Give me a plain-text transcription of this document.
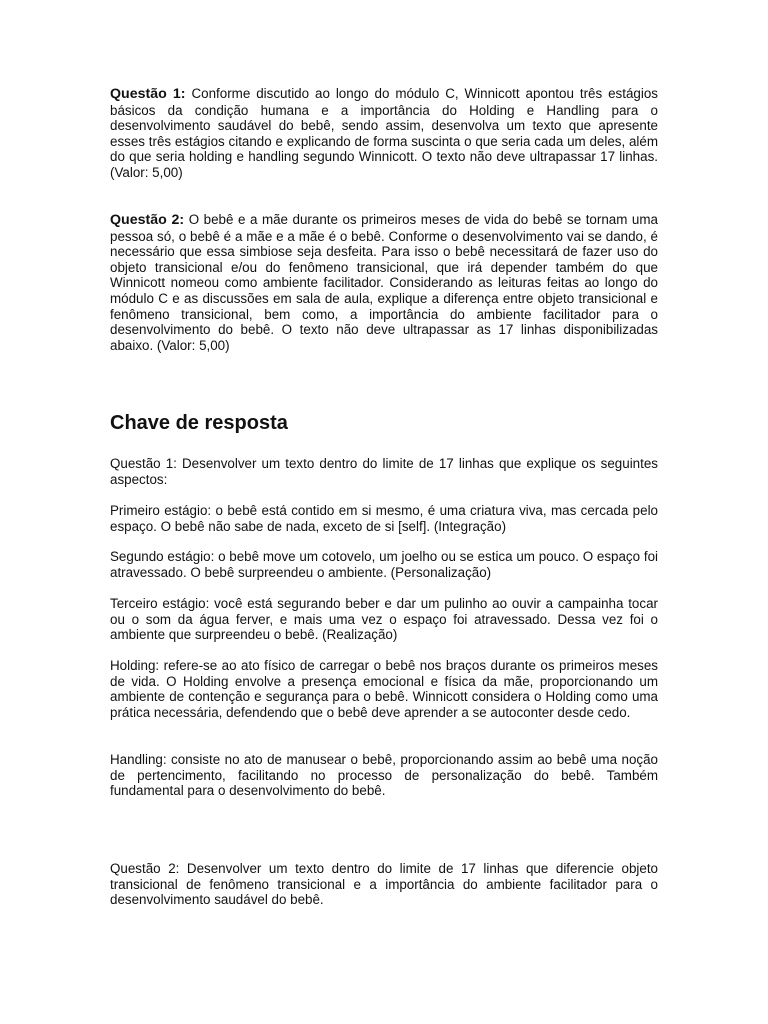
Questão 1: Conforme discutido ao longo do módulo C, Winnicott apontou três estágios básicos da condição humana e a importância do Holding e Handling para o desenvolvimento saudável do bebê, sendo assim, desenvolva um texto que apresente esses três estágios citando e explicando de forma suscinta o que seria cada um deles, além do que seria holding e handling segundo Winnicott. O texto não deve ultrapassar 17 linhas. (Valor: 5,00)

Questão 2: O bebê e a mãe durante os primeiros meses de vida do bebê se tornam uma pessoa só, o bebê é a mãe e a mãe é o bebê. Conforme o desenvolvimento vai se dando, é necessário que essa simbiose seja desfeita. Para isso o bebê necessitará de fazer uso do objeto transicional e/ou do fenômeno transicional, que irá depender também do que Winnicott nomeou como ambiente facilitador. Considerando as leituras feitas ao longo do módulo C e as discussões em sala de aula, explique a diferença entre objeto transicional e fenômeno transicional, bem como, a importância do ambiente facilitador para o desenvolvimento do bebê. O texto não deve ultrapassar as 17 linhas disponibilizadas abaixo. (Valor: 5,00)

Chave de resposta

Questão 1: Desenvolver um texto dentro do limite de 17 linhas que explique os seguintes aspectos:

Primeiro estágio: o bebê está contido em si mesmo, é uma criatura viva, mas cercada pelo espaço. O bebê não sabe de nada, exceto de si [self]. (Integração)

Segundo estágio: o bebê move um cotovelo, um joelho ou se estica um pouco. O espaço foi atravessado. O bebê surpreendeu o ambiente. (Personalização)

Terceiro estágio: você está segurando beber e dar um pulinho ao ouvir a campainha tocar ou o som da água ferver, e mais uma vez o espaço foi atravessado. Dessa vez foi o ambiente que surpreendeu o bebê. (Realização)

Holding: refere-se ao ato físico de carregar o bebê nos braços durante os primeiros meses de vida. O Holding envolve a presença emocional e física da mãe, proporcionando um ambiente de contenção e segurança para o bebê. Winnicott considera o Holding como uma prática necessária, defendendo que o bebê deve aprender a se autoconter desde cedo.

Handling: consiste no ato de manusear o bebê, proporcionando assim ao bebê uma noção de pertencimento, facilitando no processo de personalização do bebê. Também fundamental para o desenvolvimento do bebê.

Questão 2: Desenvolver um texto dentro do limite de 17 linhas que diferencie objeto transicional de fenômeno transicional e a importância do ambiente facilitador para o desenvolvimento saudável do bebê.
